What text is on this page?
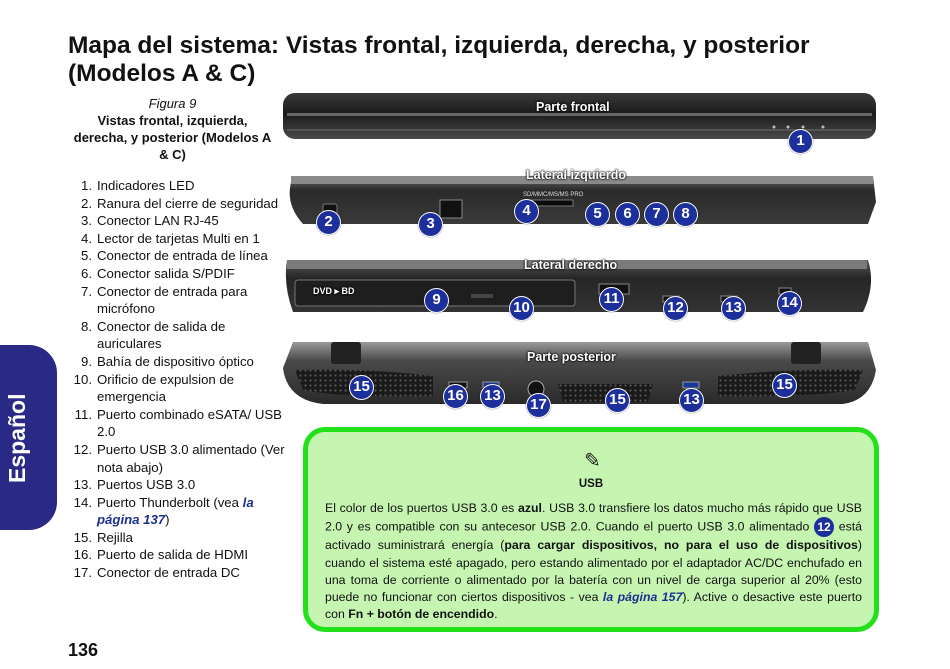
Mapa del sistema: Vistas frontal, izquierda, derecha, y posterior (Modelos A & C)
Español
Figura 9
Vistas frontal, izquierda, derecha, y posterior (Modelos A & C)
1. Indicadores LED
2. Ranura del cierre de seguridad
3. Conector LAN RJ-45
4. Lector de tarjetas Multi en 1
5. Conector de entrada de línea
6. Conector salida S/PDIF
7. Conector de entrada para micrófono
8. Conector de salida de auriculares
9. Bahía de dispositivo óptico
10. Orificio de expulsion de emergencia
11. Puerto combinado eSATA/ USB 2.0
12. Puerto USB 3.0 alimentado (Ver nota abajo)
13. Puertos USB 3.0
14. Puerto Thunderbolt (vea la página 137)
15. Rejilla
16. Puerto de salida de HDMI
17. Conector de entrada DC
Parte frontal
1
Lateral izquierdo
SD/MMC/MS/MS PRO
2	3
4	5	6	7	8
Lateral derecho
DVD ▸ BD	9	10
11
12	13	14
Parte posterior
15
16 13
17	15	13
15
✎
USB
El color de los puertos USB 3.0 es azul. USB 3.0 transfiere los datos mucho más rápido que USB 2.0 y es compatible con su antecesor USB 2.0. Cuando el puerto USB 3.0 alimentado 12 está activado suministrará energía (para cargar dispositivos, no para el uso de dispositivos) cuando el sistema esté apagado, pero estando alimentado por el adaptador AC/DC enchufado en una toma de corriente o alimentado por la batería con un nivel de carga superior al 20% (esto puede no funcionar con ciertos dispositivos - vea la página 157). Active o desactive este puerto con Fn + botón de encendido.
136
